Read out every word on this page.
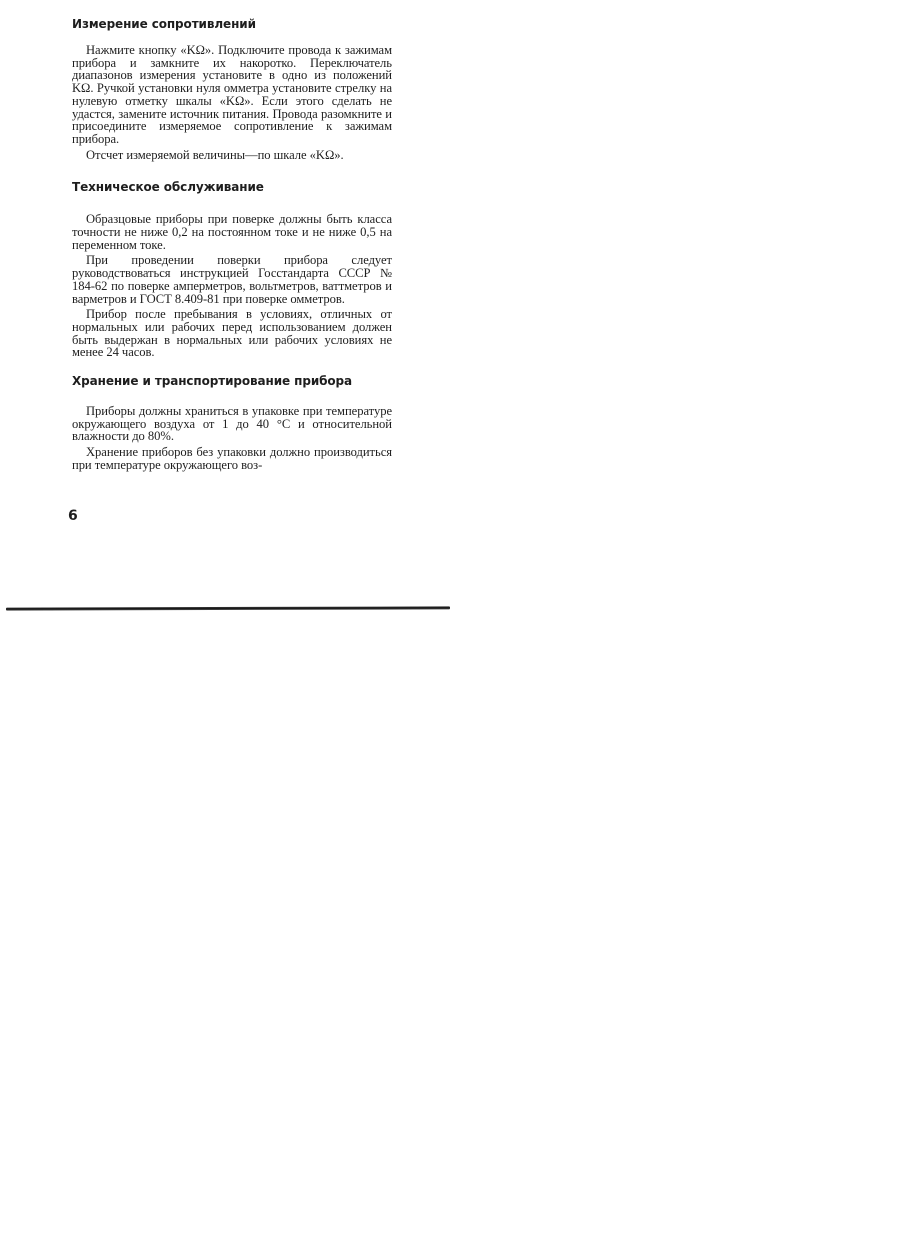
Измерение сопротивлений

Нажмите кнопку «KΩ». Подключите провода к зажимам прибора и замкните их накоротко. Переключатель диапазонов измерения установите в одно из положений KΩ. Ручкой установки нуля омметра установите стрелку на нулевую отметку шкалы «KΩ». Если этого сделать не удастся, замените источник питания. Провода разомкните и присоедините измеряемое сопротивление к зажимам прибора.

Отсчет измеряемой величины—по шкале «KΩ».

Техническое обслуживание

Образцовые приборы при поверке должны быть класса точности не ниже 0,2 на постоянном токе и не ниже 0,5 на переменном токе.

При проведении поверки прибора следует руководствоваться инструкцией Госстандарта СССР № 184-62 по поверке амперметров, вольтметров, ваттметров и варметров и ГОСТ 8.409-81 при поверке омметров.

Прибор после пребывания в условиях, отличных от нормальных или рабочих перед использованием должен быть выдержан в нормальных или рабочих условиях не менее 24 часов.

Хранение и транспортирование прибора

Приборы должны храниться в упаковке при температуре окружающего воздуха от 1 до 40 °С и относительной влажности до 80%.

Хранение приборов без упаковки должно производиться при температуре окружающего воз-

6
